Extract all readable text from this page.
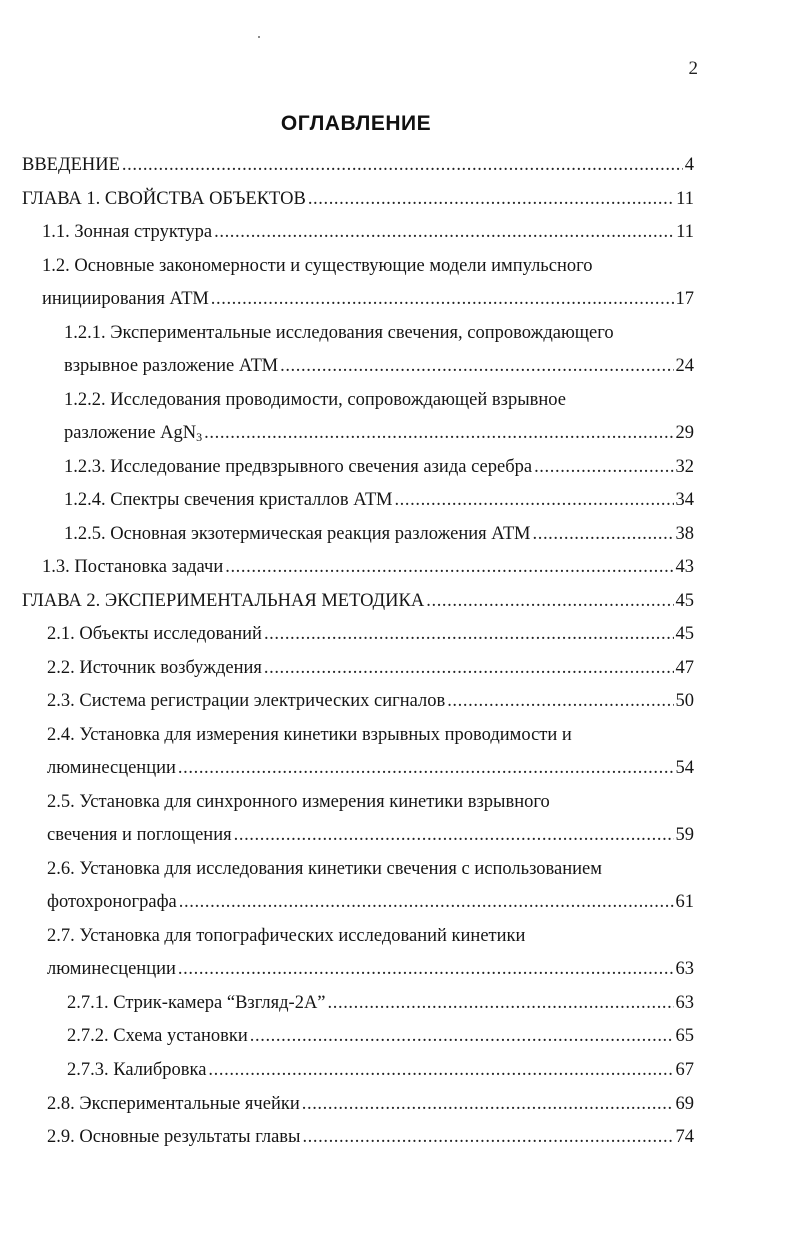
2
ОГЛАВЛЕНИЕ
ВВЕДЕНИЕ .....	4
ГЛАВА 1. СВОЙСТВА ОБЪЕКТОВ .....	11
1.1. Зонная структура .....	11
1.2. Основные закономерности и существующие модели импульсного
инициирования АТМ .....	17
1.2.1. Экспериментальные исследования свечения, сопровождающего
взрывное разложение АТМ .....	24
1.2.2. Исследования проводимости, сопровождающей взрывное
разложение AgN$_3$ .....	29
1.2.3. Исследование предвзрывного свечения азида серебра .....	32
1.2.4. Спектры свечения кристаллов АТМ .....	34
1.2.5. Основная экзотермическая реакция разложения АТМ .....	38
1.3. Постановка задачи .....	43
ГЛАВА 2. ЭКСПЕРИМЕНТАЛЬНАЯ МЕТОДИКА .....	45
2.1. Объекты исследований .....	45
2.2. Источник возбуждения .....	47
2.3. Система регистрации электрических сигналов .....	50
2.4. Установка для измерения кинетики взрывных проводимости и
люминесценции .....	54
2.5. Установка для синхронного измерения кинетики взрывного
свечения и поглощения .....	59
2.6. Установка для исследования кинетики свечения с использованием
фотохронографа .....	61
2.7. Установка для топографических исследований кинетики
люминесценции .....	63
2.7.1. Стрик-камера “Взгляд-2А” .....	63
2.7.2. Схема установки .....	65
2.7.3. Калибровка .....	67
2.8. Экспериментальные ячейки .....	69
2.9. Основные результаты главы .....	74
